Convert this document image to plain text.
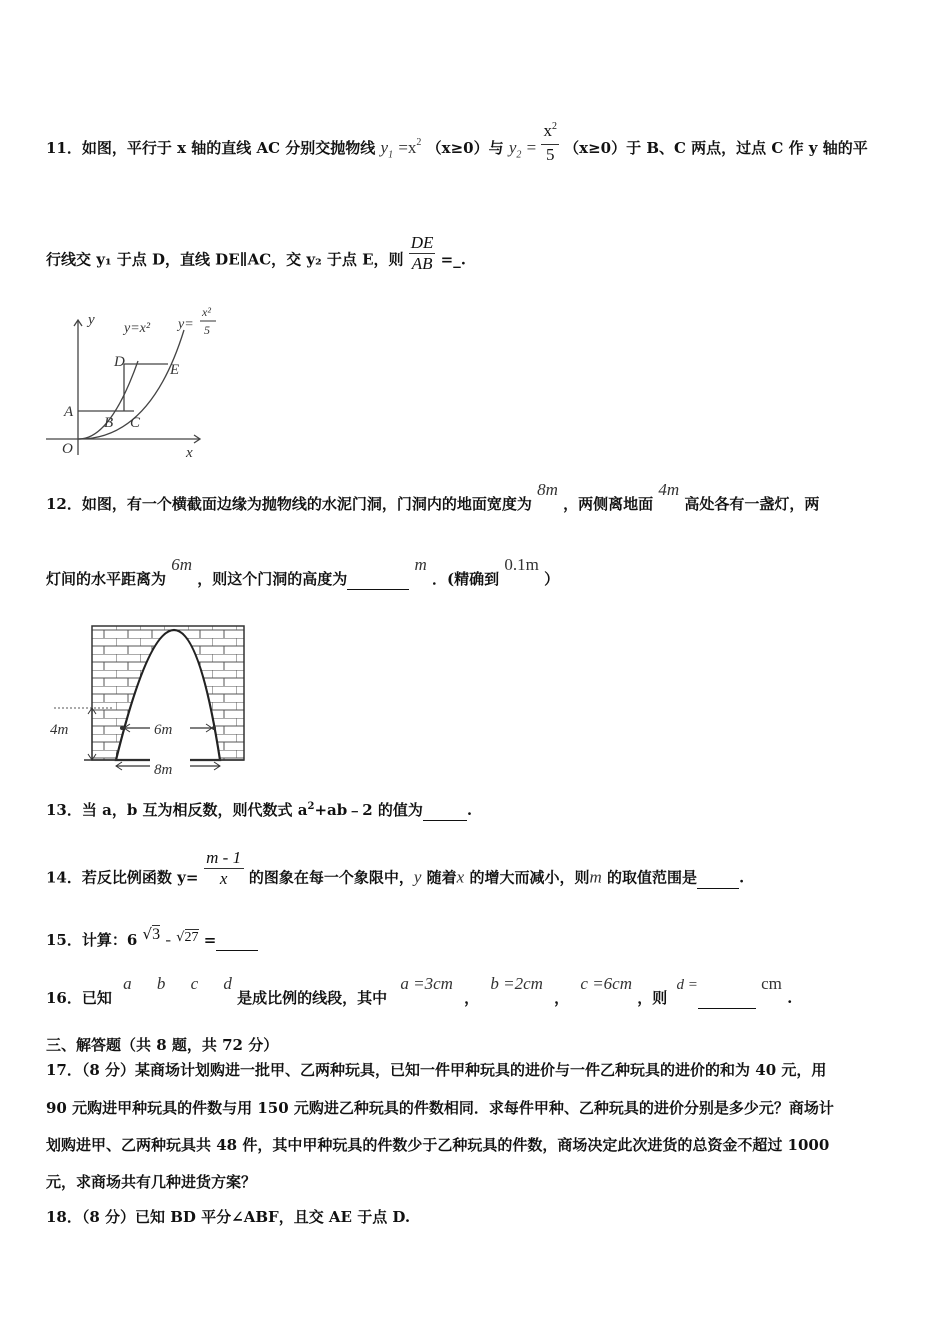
11．如图，平行于 x 轴的直线 AC 分别交抛物线 $y_1 =x^2$ （x≥0）与 $y_2 = \frac{x^2}{5} (x\ge 0)$于 B、C 两点，过点 C 作 y 轴的平
行线交 y₁ 于点 D，直线 DE∥AC，交 y₂ 于点 E，则 $\frac{DE}{AB}$ =_.
y
x
O
y=x² y=
x²
5
A
B C
D	E
12．如图，有一个横截面边缘为抛物线的水泥门洞，门洞内的地面宽度为 8m ，两侧离地面 4m 高处各有一盏灯，两
灯间的水平距离为 6m ，则这个门洞的高度为  m ．(精确到 0.1m ）
4m	6m
8m
13．当 a，b 互为相反数，则代数式 $a^2+ab﹣2$ 的值为	.
14．若反比例函数 $y= \frac{m - 1}{x}$ 的图象在每一个象限中，y 随着x 的增大而减小，则m 的取值范围是	.
15．计算：6 √3 - √27 =
16．已知 a b c d 是成比例的线段，其中 a =3cm ， b =2cm ， c =6cm ，则 d =	cm .
三、解答题（共 8 题，共 72 分）
17．（8 分）某商场计划购进一批甲、乙两种玩具，已知一件甲种玩具的进价与一件乙种玩具的进价的和为 40 元，用
90 元购进甲种玩具的件数与用 150 元购进乙种玩具的件数相同．求每件甲种、乙种玩具的进价分别是多少元？商场计
划购进甲、乙两种玩具共 48 件，其中甲种玩具的件数少于乙种玩具的件数，商场决定此次进货的总资金不超过 1000
元，求商场共有几种进货方案？
18．（8 分）已知 BD 平分∠ABF，且交 AE 于点 D.
